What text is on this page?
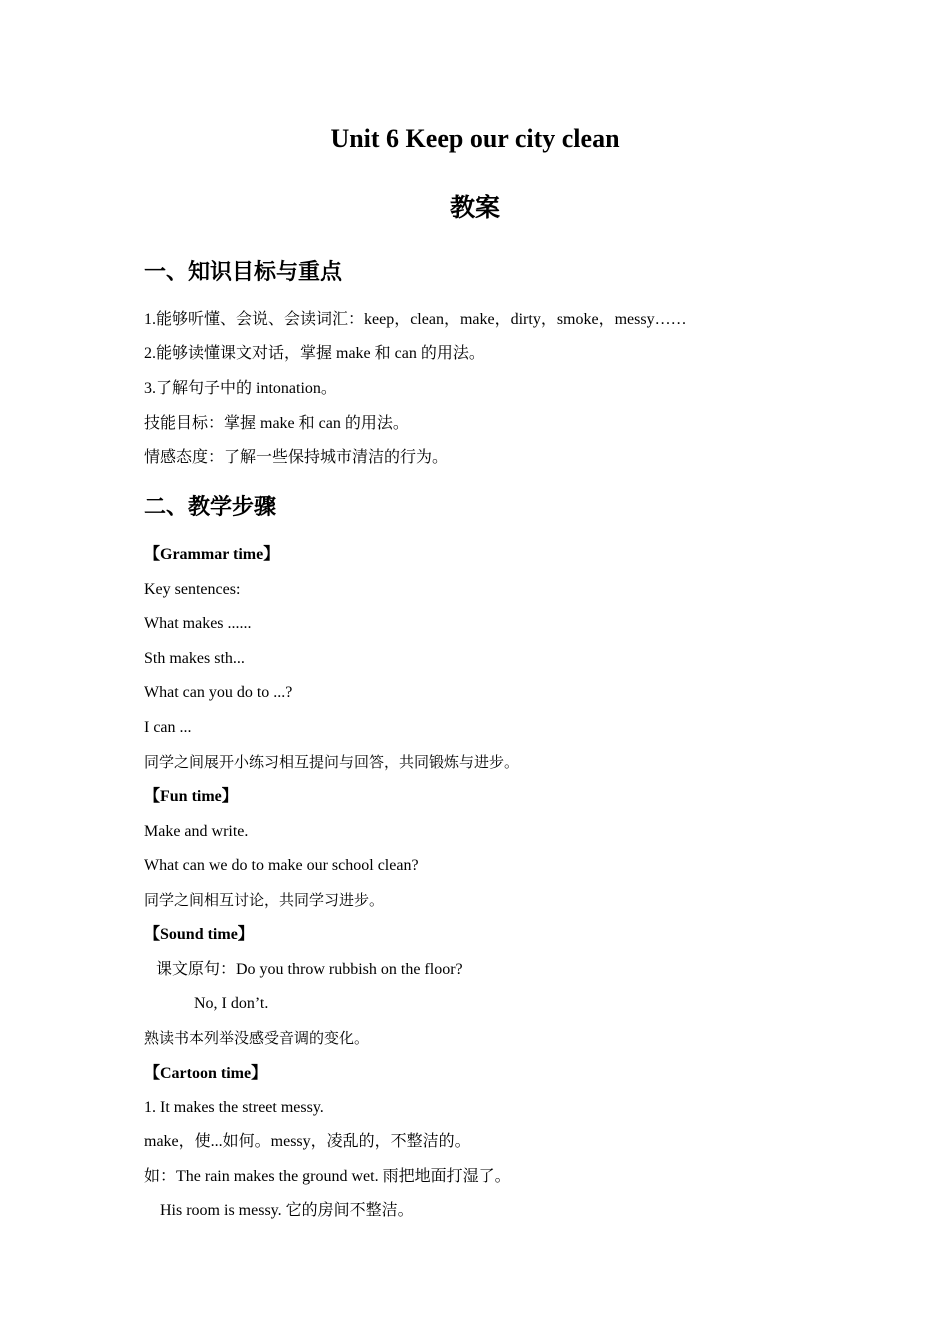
Unit 6 Keep our city clean
教案
一、知识目标与重点
1.能够听懂、会说、会读词汇：keep，clean，make，dirty，smoke，messy……
2.能够读懂课文对话，掌握 make 和 can 的用法。
3.了解句子中的 intonation。
技能目标：掌握 make 和 can 的用法。
情感态度：了解一些保持城市清洁的行为。
二、教学步骤
【Grammar time】
Key sentences:
What makes ......
Sth makes sth...
What can you do to ...?
I can ...
同学之间展开小练习相互提问与回答，共同锻炼与进步。
【Fun time】
Make and write.
What can we do to make our school clean?
同学之间相互讨论，共同学习进步。
【Sound time】
课文原句：Do you throw rubbish on the floor?
No, I don’t.
熟读书本列举没感受音调的变化。
【Cartoon time】
1. It makes the street messy.
make，使...如何。messy，凌乱的，不整洁的。
如：The rain makes the ground wet. 雨把地面打湿了。
His room is messy. 它的房间不整洁。
